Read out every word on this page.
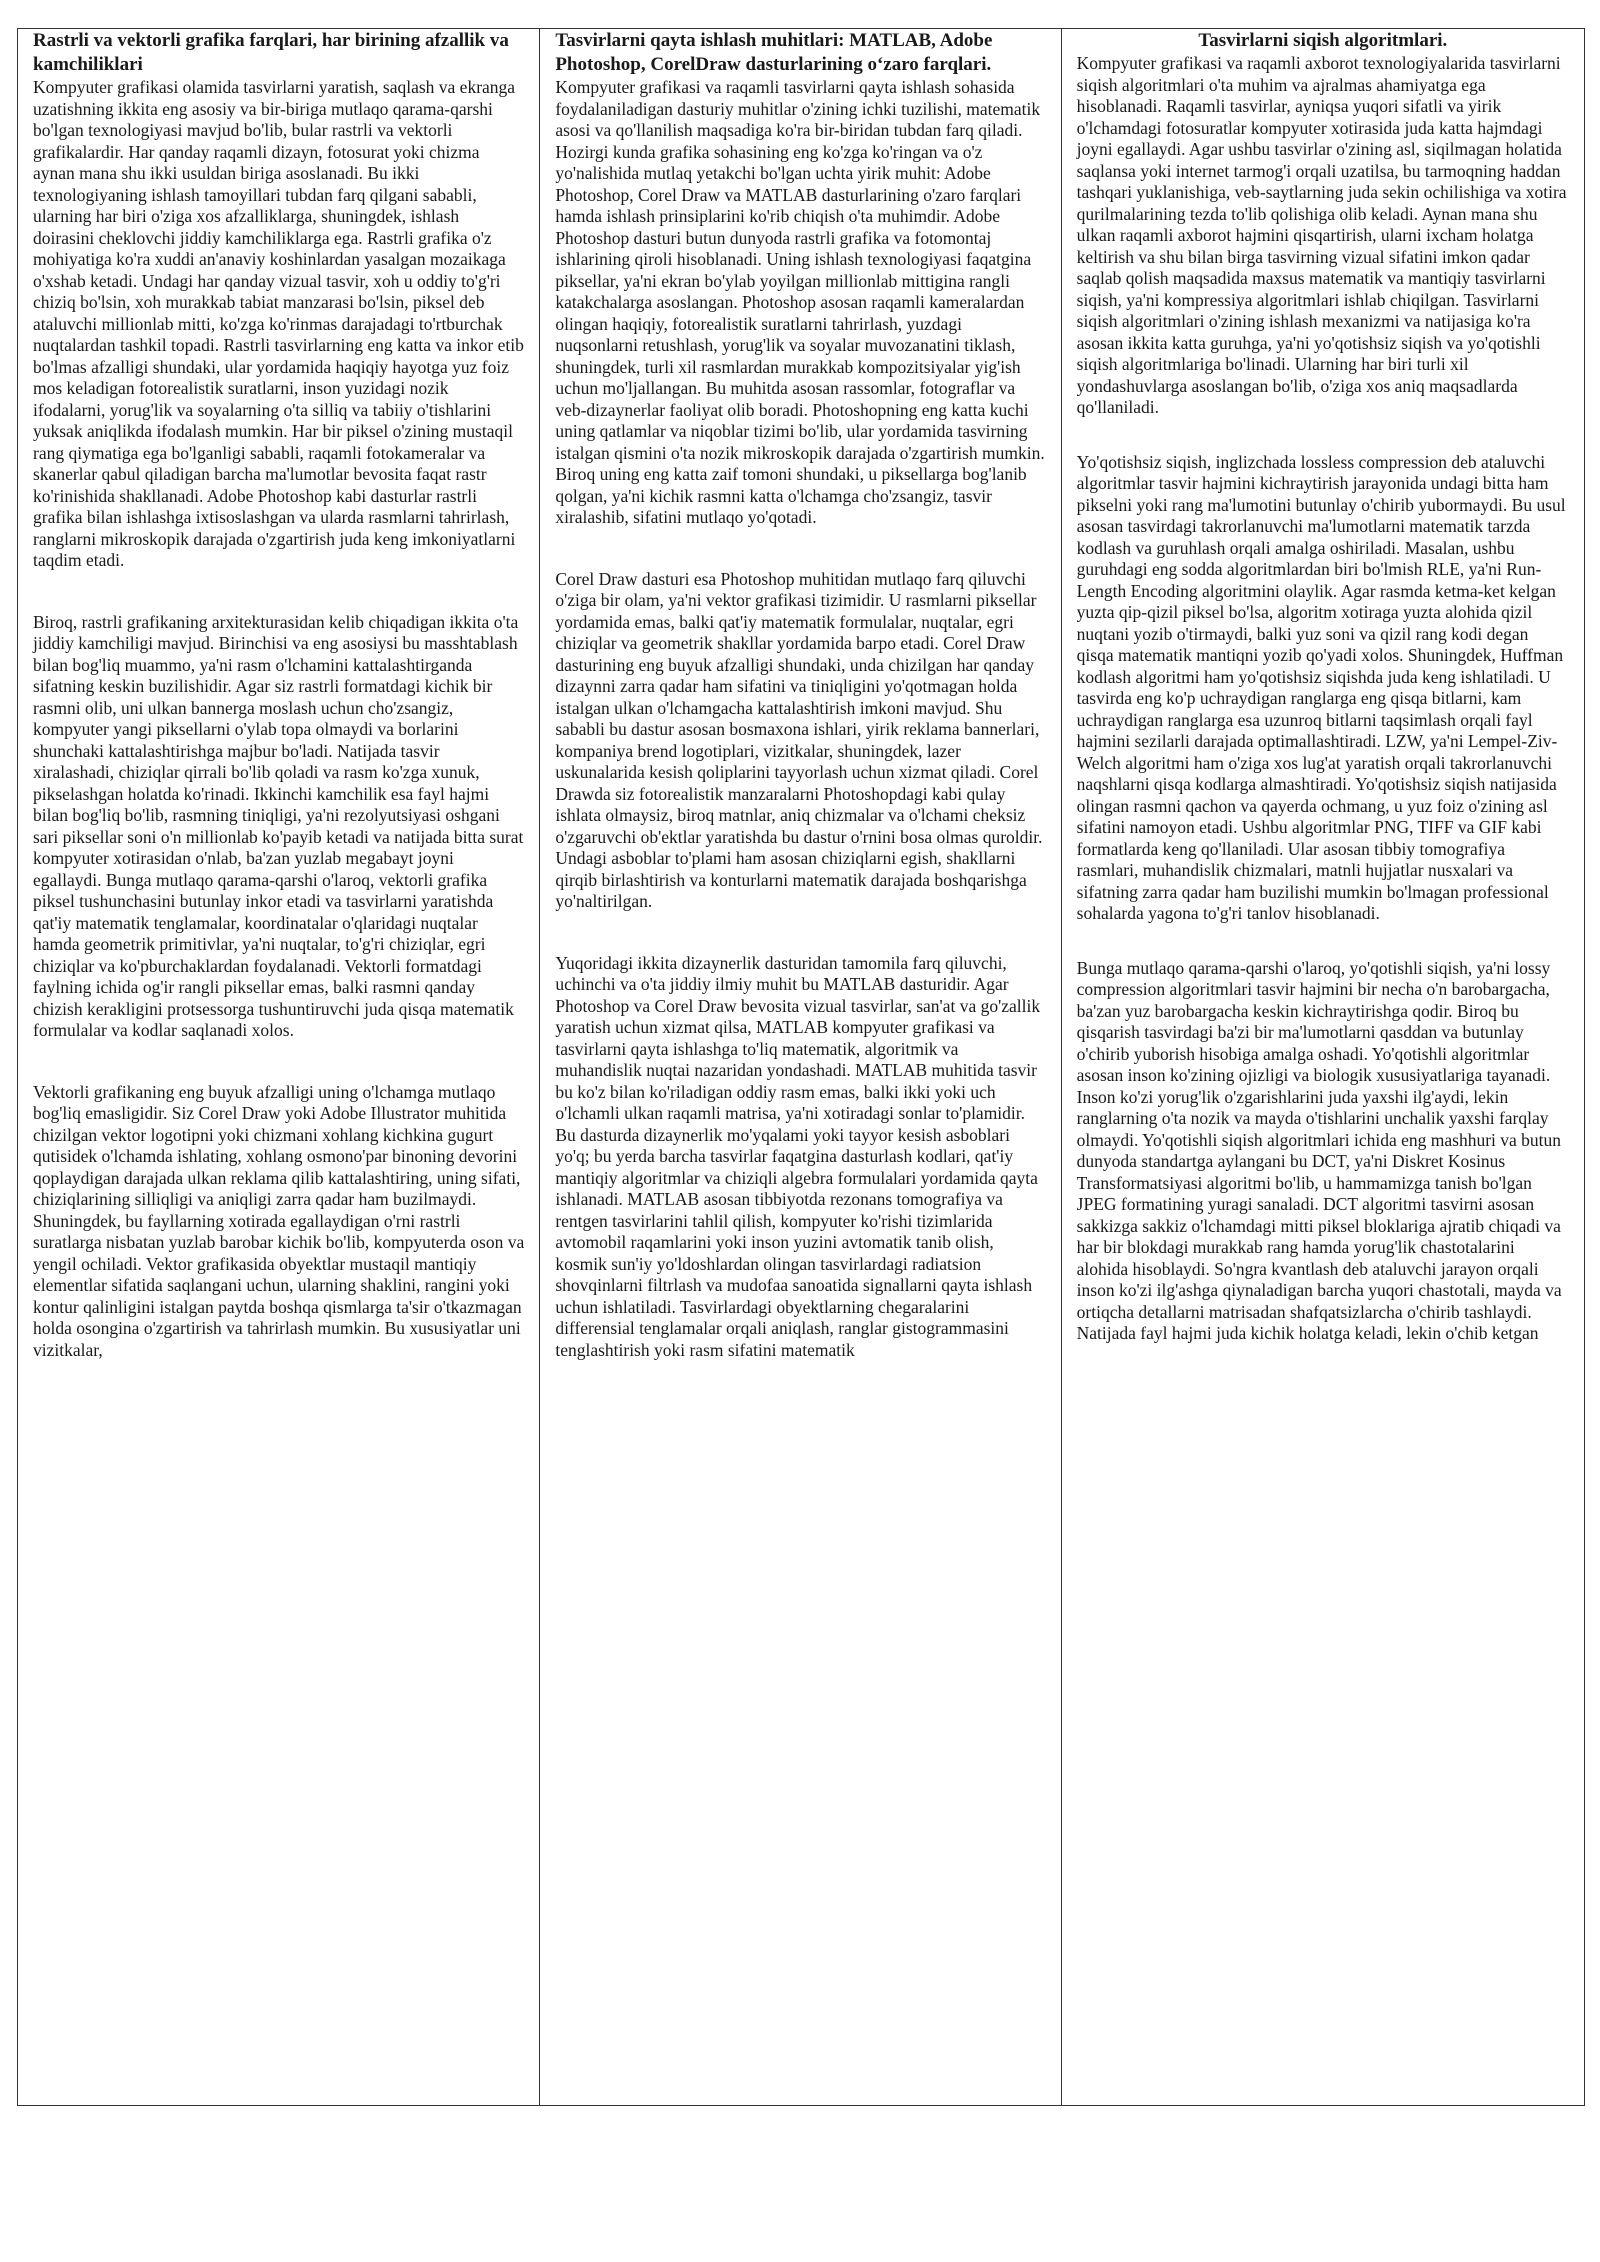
Rastrli va vektorli grafika farqlari, har birining afzallik va kamchiliklari

Kompyuter grafikasi olamida tasvirlarni yaratish, saqlash va ekranga uzatishning ikkita eng asosiy va bir-biriga mutlaqo qarama-qarshi bo'lgan texnologiyasi mavjud bo'lib, bular rastrli va vektorli grafikalardir. Har qanday raqamli dizayn, fotosurat yoki chizma aynan mana shu ikki usuldan biriga asoslanadi. Bu ikki texnologiyaning ishlash tamoyillari tubdan farq qilgani sababli, ularning har biri o'ziga xos afzalliklarga, shuningdek, ishlash doirasini cheklovchi jiddiy kamchiliklarga ega. Rastrli grafika o'z mohiyatiga ko'ra xuddi an'anaviy koshinlardan yasalgan mozaikaga o'xshab ketadi. Undagi har qanday vizual tasvir, xoh u oddiy to'g'ri chiziq bo'lsin, xoh murakkab tabiat manzarasi bo'lsin, piksel deb ataluvchi millionlab mitti, ko'zga ko'rinmas darajadagi to'rtburchak nuqtalardan tashkil topadi. Rastrli tasvirlarning eng katta va inkor etib bo'lmas afzalligi shundaki, ular yordamida haqiqiy hayotga yuz foiz mos keladigan fotorealistik suratlarni, inson yuzidagi nozik ifodalarni, yorug'lik va soyalarning o'ta silliq va tabiiy o'tishlarini yuksak aniqlikda ifodalash mumkin. Har bir piksel o'zining mustaqil rang qiymatiga ega bo'lganligi sababli, raqamli fotokameralar va skanerlar qabul qiladigan barcha ma'lumotlar bevosita faqat rastr ko'rinishida shakllanadi. Adobe Photoshop kabi dasturlar rastrli grafika bilan ishlashga ixtisoslashgan va ularda rasmlarni tahrirlash, ranglarni mikroskopik darajada o'zgartirish juda keng imkoniyatlarni taqdim etadi.

Biroq, rastrli grafikaning arxitekturasidan kelib chiqadigan ikkita o'ta jiddiy kamchiligi mavjud. Birinchisi va eng asosiysi bu masshtablash bilan bog'liq muammo, ya'ni rasm o'lchamini kattalashtirganda sifatning keskin buzilishidir. Agar siz rastrli formatdagi kichik bir rasmni olib, uni ulkan bannerga moslash uchun cho'zsangiz, kompyuter yangi piksellarni o'ylab topa olmaydi va borlarini shunchaki kattalashtirishga majbur bo'ladi. Natijada tasvir xiralashadi, chiziqlar qirrali bo'lib qoladi va rasm ko'zga xunuk, pikselashgan holatda ko'rinadi. Ikkinchi kamchilik esa fayl hajmi bilan bog'liq bo'lib, rasmning tiniqligi, ya'ni rezolyutsiyasi oshgani sari piksellar soni o'n millionlab ko'payib ketadi va natijada bitta surat kompyuter xotirasidan o'nlab, ba'zan yuzlab megabayt joyni egallaydi. Bunga mutlaqo qarama-qarshi o'laroq, vektorli grafika piksel tushunchasini butunlay inkor etadi va tasvirlarni yaratishda qat'iy matematik tenglamalar, koordinatalar o'qlaridagi nuqtalar hamda geometrik primitivlar, ya'ni nuqtalar, to'g'ri chiziqlar, egri chiziqlar va ko'pburchaklardan foydalanadi. Vektorli formatdagi faylning ichida og'ir rangli piksellar emas, balki rasmni qanday chizish kerakligini protsessorga tushuntiruvchi juda qisqa matematik formulalar va kodlar saqlanadi xolos.

Vektorli grafikaning eng buyuk afzalligi uning o'lchamga mutlaqo bog'liq emasligidir. Siz Corel Draw yoki Adobe Illustrator muhitida chizilgan vektor logotipni yoki chizmani xohlang kichkina gugurt qutisidek o'lchamda ishlating, xohlang osmono'par binoning devorini qoplaydigan darajada ulkan reklama qilib kattalashtiring, uning sifati, chiziqlarining silliqligi va aniqligi zarra qadar ham buzilmaydi. Shuningdek, bu fayllarning xotirada egallaydigan o'rni rastrli suratlarga nisbatan yuzlab barobar kichik bo'lib, kompyuterda oson va yengil ochiladi. Vektor grafikasida obyektlar mustaqil mantiqiy elementlar sifatida saqlangani uchun, ularning shaklini, rangini yoki kontur qalinligini istalgan paytda boshqa qismlarga ta'sir o'tkazmagan holda osongina o'zgartirish va tahrirlash mumkin. Bu xususiyatlar uni vizitkalar,

Tasvirlarni qayta ishlash muhitlari: MATLAB, Adobe Photoshop, CorelDraw dasturlarining o‘zaro farqlari.

Kompyuter grafikasi va raqamli tasvirlarni qayta ishlash sohasida foydalaniladigan dasturiy muhitlar o'zining ichki tuzilishi, matematik asosi va qo'llanilish maqsadiga ko'ra bir-biridan tubdan farq qiladi. Hozirgi kunda grafika sohasining eng ko'zga ko'ringan va o'z yo'nalishida mutlaq yetakchi bo'lgan uchta yirik muhit: Adobe Photoshop, Corel Draw va MATLAB dasturlarining o'zaro farqlari hamda ishlash prinsiplarini ko'rib chiqish o'ta muhimdir. Adobe Photoshop dasturi butun dunyoda rastrli grafika va fotomontaj ishlarining qiroli hisoblanadi. Uning ishlash texnologiyasi faqatgina piksellar, ya'ni ekran bo'ylab yoyilgan millionlab mittigina rangli katakchalarga asoslangan. Photoshop asosan raqamli kameralardan olingan haqiqiy, fotorealistik suratlarni tahrirlash, yuzdagi nuqsonlarni retushlash, yorug'lik va soyalar muvozanatini tiklash, shuningdek, turli xil rasmlardan murakkab kompozitsiyalar yig'ish uchun mo'ljallangan. Bu muhitda asosan rassomlar, fotograflar va veb-dizaynerlar faoliyat olib boradi. Photoshopning eng katta kuchi uning qatlamlar va niqoblar tizimi bo'lib, ular yordamida tasvirning istalgan qismini o'ta nozik mikroskopik darajada o'zgartirish mumkin. Biroq uning eng katta zaif tomoni shundaki, u piksellarga bog'lanib qolgan, ya'ni kichik rasmni katta o'lchamga cho'zsangiz, tasvir xiralashib, sifatini mutlaqo yo'qotadi.

Corel Draw dasturi esa Photoshop muhitidan mutlaqo farq qiluvchi o'ziga bir olam, ya'ni vektor grafikasi tizimidir. U rasmlarni piksellar yordamida emas, balki qat'iy matematik formulalar, nuqtalar, egri chiziqlar va geometrik shakllar yordamida barpo etadi. Corel Draw dasturining eng buyuk afzalligi shundaki, unda chizilgan har qanday dizaynni zarra qadar ham sifatini va tiniqligini yo'qotmagan holda istalgan ulkan o'lchamgacha kattalashtirish imkoni mavjud. Shu sababli bu dastur asosan bosmaxona ishlari, yirik reklama bannerlari, kompaniya brend logotiplari, vizitkalar, shuningdek, lazer uskunalarida kesish qoliplarini tayyorlash uchun xizmat qiladi. Corel Drawda siz fotorealistik manzaralarni Photoshopdagi kabi qulay ishlata olmaysiz, biroq matnlar, aniq chizmalar va o'lchami cheksiz o'zgaruvchi ob'ektlar yaratishda bu dastur o'rnini bosa olmas quroldir. Undagi asboblar to'plami ham asosan chiziqlarni egish, shakllarni qirqib birlashtirish va konturlarni matematik darajada boshqarishga yo'naltirilgan.

Yuqoridagi ikkita dizaynerlik dasturidan tamomila farq qiluvchi, uchinchi va o'ta jiddiy ilmiy muhit bu MATLAB dasturidir. Agar Photoshop va Corel Draw bevosita vizual tasvirlar, san'at va go'zallik yaratish uchun xizmat qilsa, MATLAB kompyuter grafikasi va tasvirlarni qayta ishlashga to'liq matematik, algoritmik va muhandislik nuqtai nazaridan yondashadi. MATLAB muhitida tasvir bu ko'z bilan ko'riladigan oddiy rasm emas, balki ikki yoki uch o'lchamli ulkan raqamli matrisa, ya'ni xotiradagi sonlar to'plamidir. Bu dasturda dizaynerlik mo'yqalami yoki tayyor kesish asboblari yo'q; bu yerda barcha tasvirlar faqatgina dasturlash kodlari, qat'iy mantiqiy algoritmlar va chiziqli algebra formulalari yordamida qayta ishlanadi. MATLAB asosan tibbiyotda rezonans tomografiya va rentgen tasvirlarini tahlil qilish, kompyuter ko'rishi tizimlarida avtomobil raqamlarini yoki inson yuzini avtomatik tanib olish, kosmik sun'iy yo'ldoshlardan olingan tasvirlardagi radiatsion shovqinlarni filtrlash va mudofaa sanoatida signallarni qayta ishlash uchun ishlatiladi. Tasvirlardagi obyektlarning chegaralarini differensial tenglamalar orqali aniqlash, ranglar gistogrammasini tenglashtirish yoki rasm sifatini matematik

Tasvirlarni siqish algoritmlari.

Kompyuter grafikasi va raqamli axborot texnologiyalarida tasvirlarni siqish algoritmlari o'ta muhim va ajralmas ahamiyatga ega hisoblanadi. Raqamli tasvirlar, ayniqsa yuqori sifatli va yirik o'lchamdagi fotosuratlar kompyuter xotirasida juda katta hajmdagi joyni egallaydi. Agar ushbu tasvirlar o'zining asl, siqilmagan holatida saqlansa yoki internet tarmog'i orqali uzatilsa, bu tarmoqning haddan tashqari yuklanishiga, veb-saytlarning juda sekin ochilishiga va xotira qurilmalarining tezda to'lib qolishiga olib keladi. Aynan mana shu ulkan raqamli axborot hajmini qisqartirish, ularni ixcham holatga keltirish va shu bilan birga tasvirning vizual sifatini imkon qadar saqlab qolish maqsadida maxsus matematik va mantiqiy tasvirlarni siqish, ya'ni kompressiya algoritmlari ishlab chiqilgan. Tasvirlarni siqish algoritmlari o'zining ishlash mexanizmi va natijasiga ko'ra asosan ikkita katta guruhga, ya'ni yo'qotishsiz siqish va yo'qotishli siqish algoritmlariga bo'linadi. Ularning har biri turli xil yondashuvlarga asoslangan bo'lib, o'ziga xos aniq maqsadlarda qo'llaniladi.

Yo'qotishsiz siqish, inglizchada lossless compression deb ataluvchi algoritmlar tasvir hajmini kichraytirish jarayonida undagi bitta ham pikselni yoki rang ma'lumotini butunlay o'chirib yubormaydi. Bu usul asosan tasvirdagi takrorlanuvchi ma'lumotlarni matematik tarzda kodlash va guruhlash orqali amalga oshiriladi. Masalan, ushbu guruhdagi eng sodda algoritmlardan biri bo'lmish RLE, ya'ni Run-Length Encoding algoritmini olaylik. Agar rasmda ketma-ket kelgan yuzta qip-qizil piksel bo'lsa, algoritm xotiraga yuzta alohida qizil nuqtani yozib o'tirmaydi, balki yuz soni va qizil rang kodi degan qisqa matematik mantiqni yozib qo'yadi xolos. Shuningdek, Huffman kodlash algoritmi ham yo'qotishsiz siqishda juda keng ishlatiladi. U tasvirda eng ko'p uchraydigan ranglarga eng qisqa bitlarni, kam uchraydigan ranglarga esa uzunroq bitlarni taqsimlash orqali fayl hajmini sezilarli darajada optimallashtiradi. LZW, ya'ni Lempel-Ziv-Welch algoritmi ham o'ziga xos lug'at yaratish orqali takrorlanuvchi naqshlarni qisqa kodlarga almashtiradi. Yo'qotishsiz siqish natijasida olingan rasmni qachon va qayerda ochmang, u yuz foiz o'zining asl sifatini namoyon etadi. Ushbu algoritmlar PNG, TIFF va GIF kabi formatlarda keng qo'llaniladi. Ular asosan tibbiy tomografiya rasmlari, muhandislik chizmalari, matnli hujjatlar nusxalari va sifatning zarra qadar ham buzilishi mumkin bo'lmagan professional sohalarda yagona to'g'ri tanlov hisoblanadi.

Bunga mutlaqo qarama-qarshi o'laroq, yo'qotishli siqish, ya'ni lossy compression algoritmlari tasvir hajmini bir necha o'n barobargacha, ba'zan yuz barobargacha keskin kichraytirishga qodir. Biroq bu qisqarish tasvirdagi ba'zi bir ma'lumotlarni qasddan va butunlay o'chirib yuborish hisobiga amalga oshadi. Yo'qotishli algoritmlar asosan inson ko'zining ojizligi va biologik xususiyatlariga tayanadi. Inson ko'zi yorug'lik o'zgarishlarini juda yaxshi ilg'aydi, lekin ranglarning o'ta nozik va mayda o'tishlarini unchalik yaxshi farqlay olmaydi. Yo'qotishli siqish algoritmlari ichida eng mashhuri va butun dunyoda standartga aylangani bu DCT, ya'ni Diskret Kosinus Transformatsiyasi algoritmi bo'lib, u hammamizga tanish bo'lgan JPEG formatining yuragi sanaladi. DCT algoritmi tasvirni asosan sakkizga sakkiz o'lchamdagi mitti piksel bloklariga ajratib chiqadi va har bir blokdagi murakkab rang hamda yorug'lik chastotalarini alohida hisoblaydi. So'ngra kvantlash deb ataluvchi jarayon orqali inson ko'zi ilg'ashga qiynaladigan barcha yuqori chastotali, mayda va ortiqcha detallarni matrisadan shafqatsizlarcha o'chirib tashlaydi. Natijada fayl hajmi juda kichik holatga keladi, lekin o'chib ketgan
